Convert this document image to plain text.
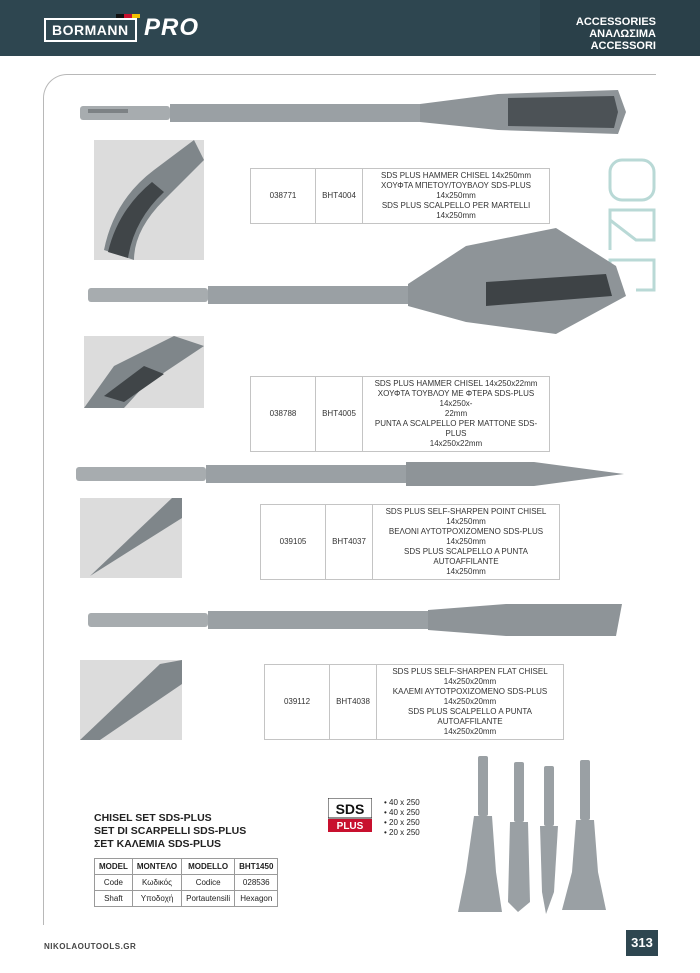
BORMANN PRO	ACCESSORIES
ΑΝΑΛΩΣΙΜΑ
ACCESSORI
038771	BHT4004	
SDS PLUS HAMMER CHISEL 14x250mm
ΧΟΥΦΤΑ ΜΠΕΤΟΥ/ΤΟΥΒΛΟΥ SDS-PLUS 14x250mm
SDS PLUS SCALPELLO PER MARTELLI 14x250mm
038788	BHT4005	
SDS PLUS HAMMER CHISEL 14x250x22mm
ΧΟΥΦΤΑ ΤΟΥΒΛΟΥ ΜΕ ΦΤΕΡΑ SDS-PLUS 14x250x-
22mm
PUNTA A SCALPELLO PER MATTONE SDS-PLUS
14x250x22mm
039105	BHT4037	
SDS PLUS SELF-SHARPEN POINT CHISEL
14x250mm
ΒΕΛΟΝΙ ΑΥΤΟΤΡΟΧΙΖΟΜΕΝΟ SDS-PLUS 14x250mm
SDS PLUS SCALPELLO A PUNTA AUTOAFFILANTE
14x250mm
039112	BHT4038	
SDS PLUS SELF-SHARPEN FLAT CHISEL
14x250x20mm
ΚΑΛΕΜΙ ΑΥΤΟΤΡΟΧΙΖΟΜΕΝΟ SDS-PLUS
14x250x20mm
SDS PLUS SCALPELLO A PUNTA AUTOAFFILANTE
14x250x20mm
CHISEL SET SDS-PLUS
SET DI SCARPELLI SDS-PLUS
ΣΕΤ ΚΑΛΕΜΙΑ SDS-PLUS
MODEL	ΜΟΝΤΕΛΟ	MODELLO	BHT1450
Code	Κωδικός	Codice	028536
Shaft	Υποδοχή	Portautensili	Hexagon
SDS
PLUS
• 40 x 250
• 40 x 250
• 20 x 250
• 20 x 250
NIKOLAOUTOOLS.GR	313
